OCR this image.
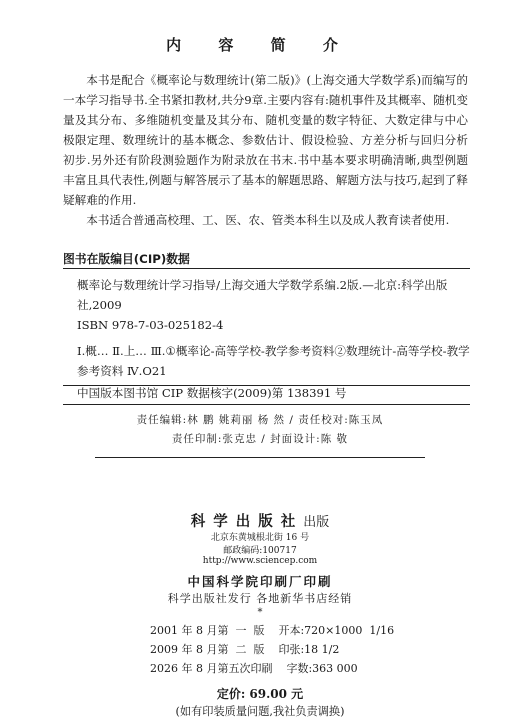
内 容 简 介

本书是配合《概率论与数理统计(第二版)》(上海交通大学数学系)而编写的一本学习指导书.全书紧扣教材,共分9章.主要内容有:随机事件及其概率、随机变量及其分布、多维随机变量及其分布、随机变量的数字特征、大数定律与中心极限定理、数理统计的基本概念、参数估计、假设检验、方差分析与回归分析初步.另外还有阶段测验题作为附录放在书末.书中基本要求明确清晰,典型例题丰富且具代表性,例题与解答展示了基本的解题思路、解题方法与技巧,起到了释疑解难的作用.

本书适合普通高校理、工、医、农、管类本科生以及成人教育读者使用.

图书在版编目(CIP)数据
概率论与数理统计学习指导/上海交通大学数学系编.2版.—北京:科学出版社,2009
ISBN 978-7-03-025182-4
Ⅰ.概… Ⅱ.上… Ⅲ.①概率论-高等学校-教学参考资料②数理统计-高等学校-教学参考资料 Ⅳ.O21
中国版本图书馆 CIP 数据核字(2009)第 138391 号
责任编辑:林 鹏 姚莉丽 杨 然 / 责任校对:陈玉凤
责任印制:张克忠 / 封面设计:陈 敬
科学出版社出版
北京东黄城根北街 16 号
邮政编码:100717
http://www.sciencep.com
中国科学院印刷厂印刷
科学出版社发行 各地新华书店经销
*
2001 年 8 月第  一  版    开本:720×1000  1/16
2009 年 8 月第  二  版    印张:18 1/2
2026 年 8 月第五次印刷    字数:363 000
定价: 69.00 元
(如有印装质量问题,我社负责调换)
